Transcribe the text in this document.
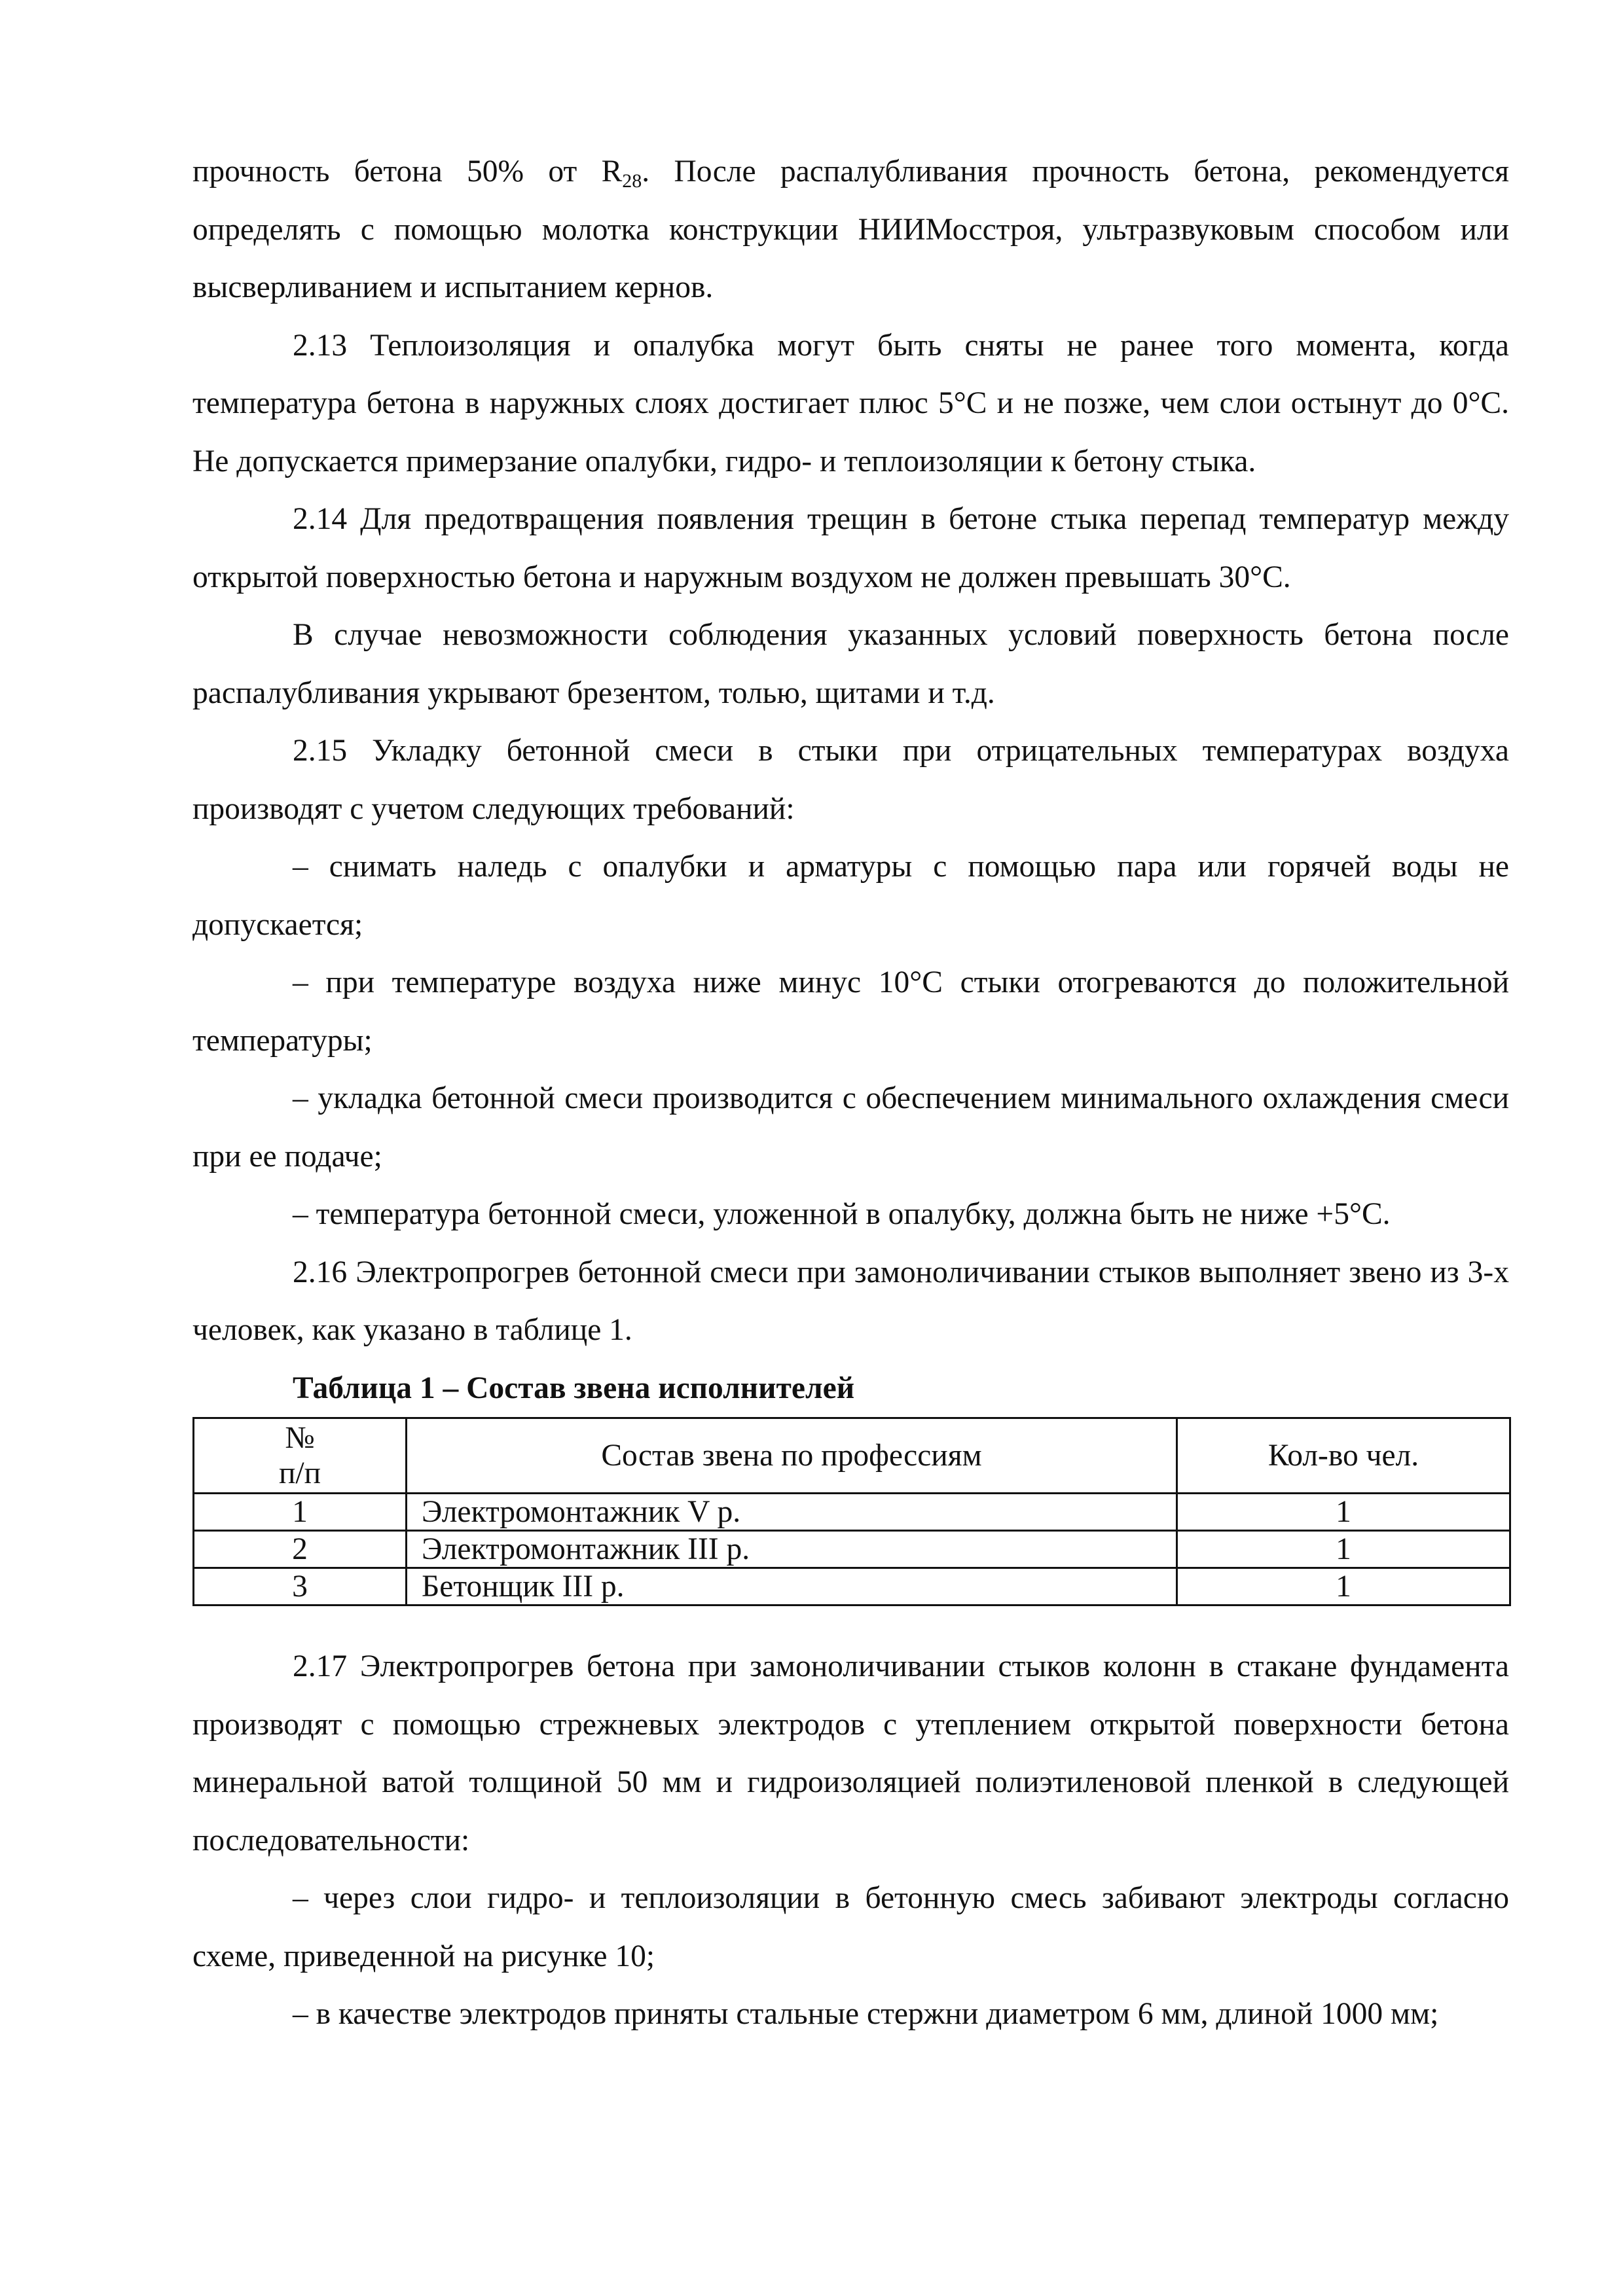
прочность бетона 50% от $R_{28}$. После распалубливания прочность бетона, рекомендуется определять с помощью молотка конструкции НИИМосстроя, ультразвуковым способом или высверливанием и испытанием кернов.

2.13 Теплоизоляция и опалубка могут быть сняты не ранее того момента, когда температура бетона в наружных слоях достигает плюс 5°С и не позже, чем слои остынут до 0°С. Не допускается примерзание опалубки, гидро- и теплоизоляции к бетону стыка.

2.14 Для предотвращения появления трещин в бетоне стыка перепад температур между открытой поверхностью бетона и наружным воздухом не должен превышать 30°С.

В случае невозможности соблюдения указанных условий поверхность бетона после распалубливания укрывают брезентом, толью, щитами и т.д.

2.15 Укладку бетонной смеси в стыки при отрицательных температурах воздуха производят с учетом следующих требований:

– снимать наледь с опалубки и арматуры с помощью пара или горячей воды не допускается;

– при температуре воздуха ниже минус 10°С стыки отогреваются до положительной температуры;

– укладка бетонной смеси производится с обеспечением минимального охлаждения смеси при ее подаче;

– температура бетонной смеси, уложенной в опалубку, должна быть не ниже +5°С.

2.16 Электропрогрев бетонной смеси при замоноличивании стыков выполняет звено из 3-х человек, как указано в таблице 1.

Таблица 1 – Состав звена исполнителей

№
п/п	Состав звена по профессиям	Кол-во чел.
1	Электромонтажник V р.	1
2	Электромонтажник III р.	1
3	Бетонщик III р.	1

2.17 Электропрогрев бетона при замоноличивании стыков колонн в стакане фундамента производят с помощью стрежневых электродов с утеплением открытой поверхности бетона минеральной ватой толщиной 50 мм и гидроизоляцией полиэтиленовой пленкой в следующей последовательности:

– через слои гидро- и теплоизоляции в бетонную смесь забивают электроды согласно схеме, приведенной на рисунке 10;

– в качестве электродов приняты стальные стержни диаметром 6 мм, длиной 1000 мм;
